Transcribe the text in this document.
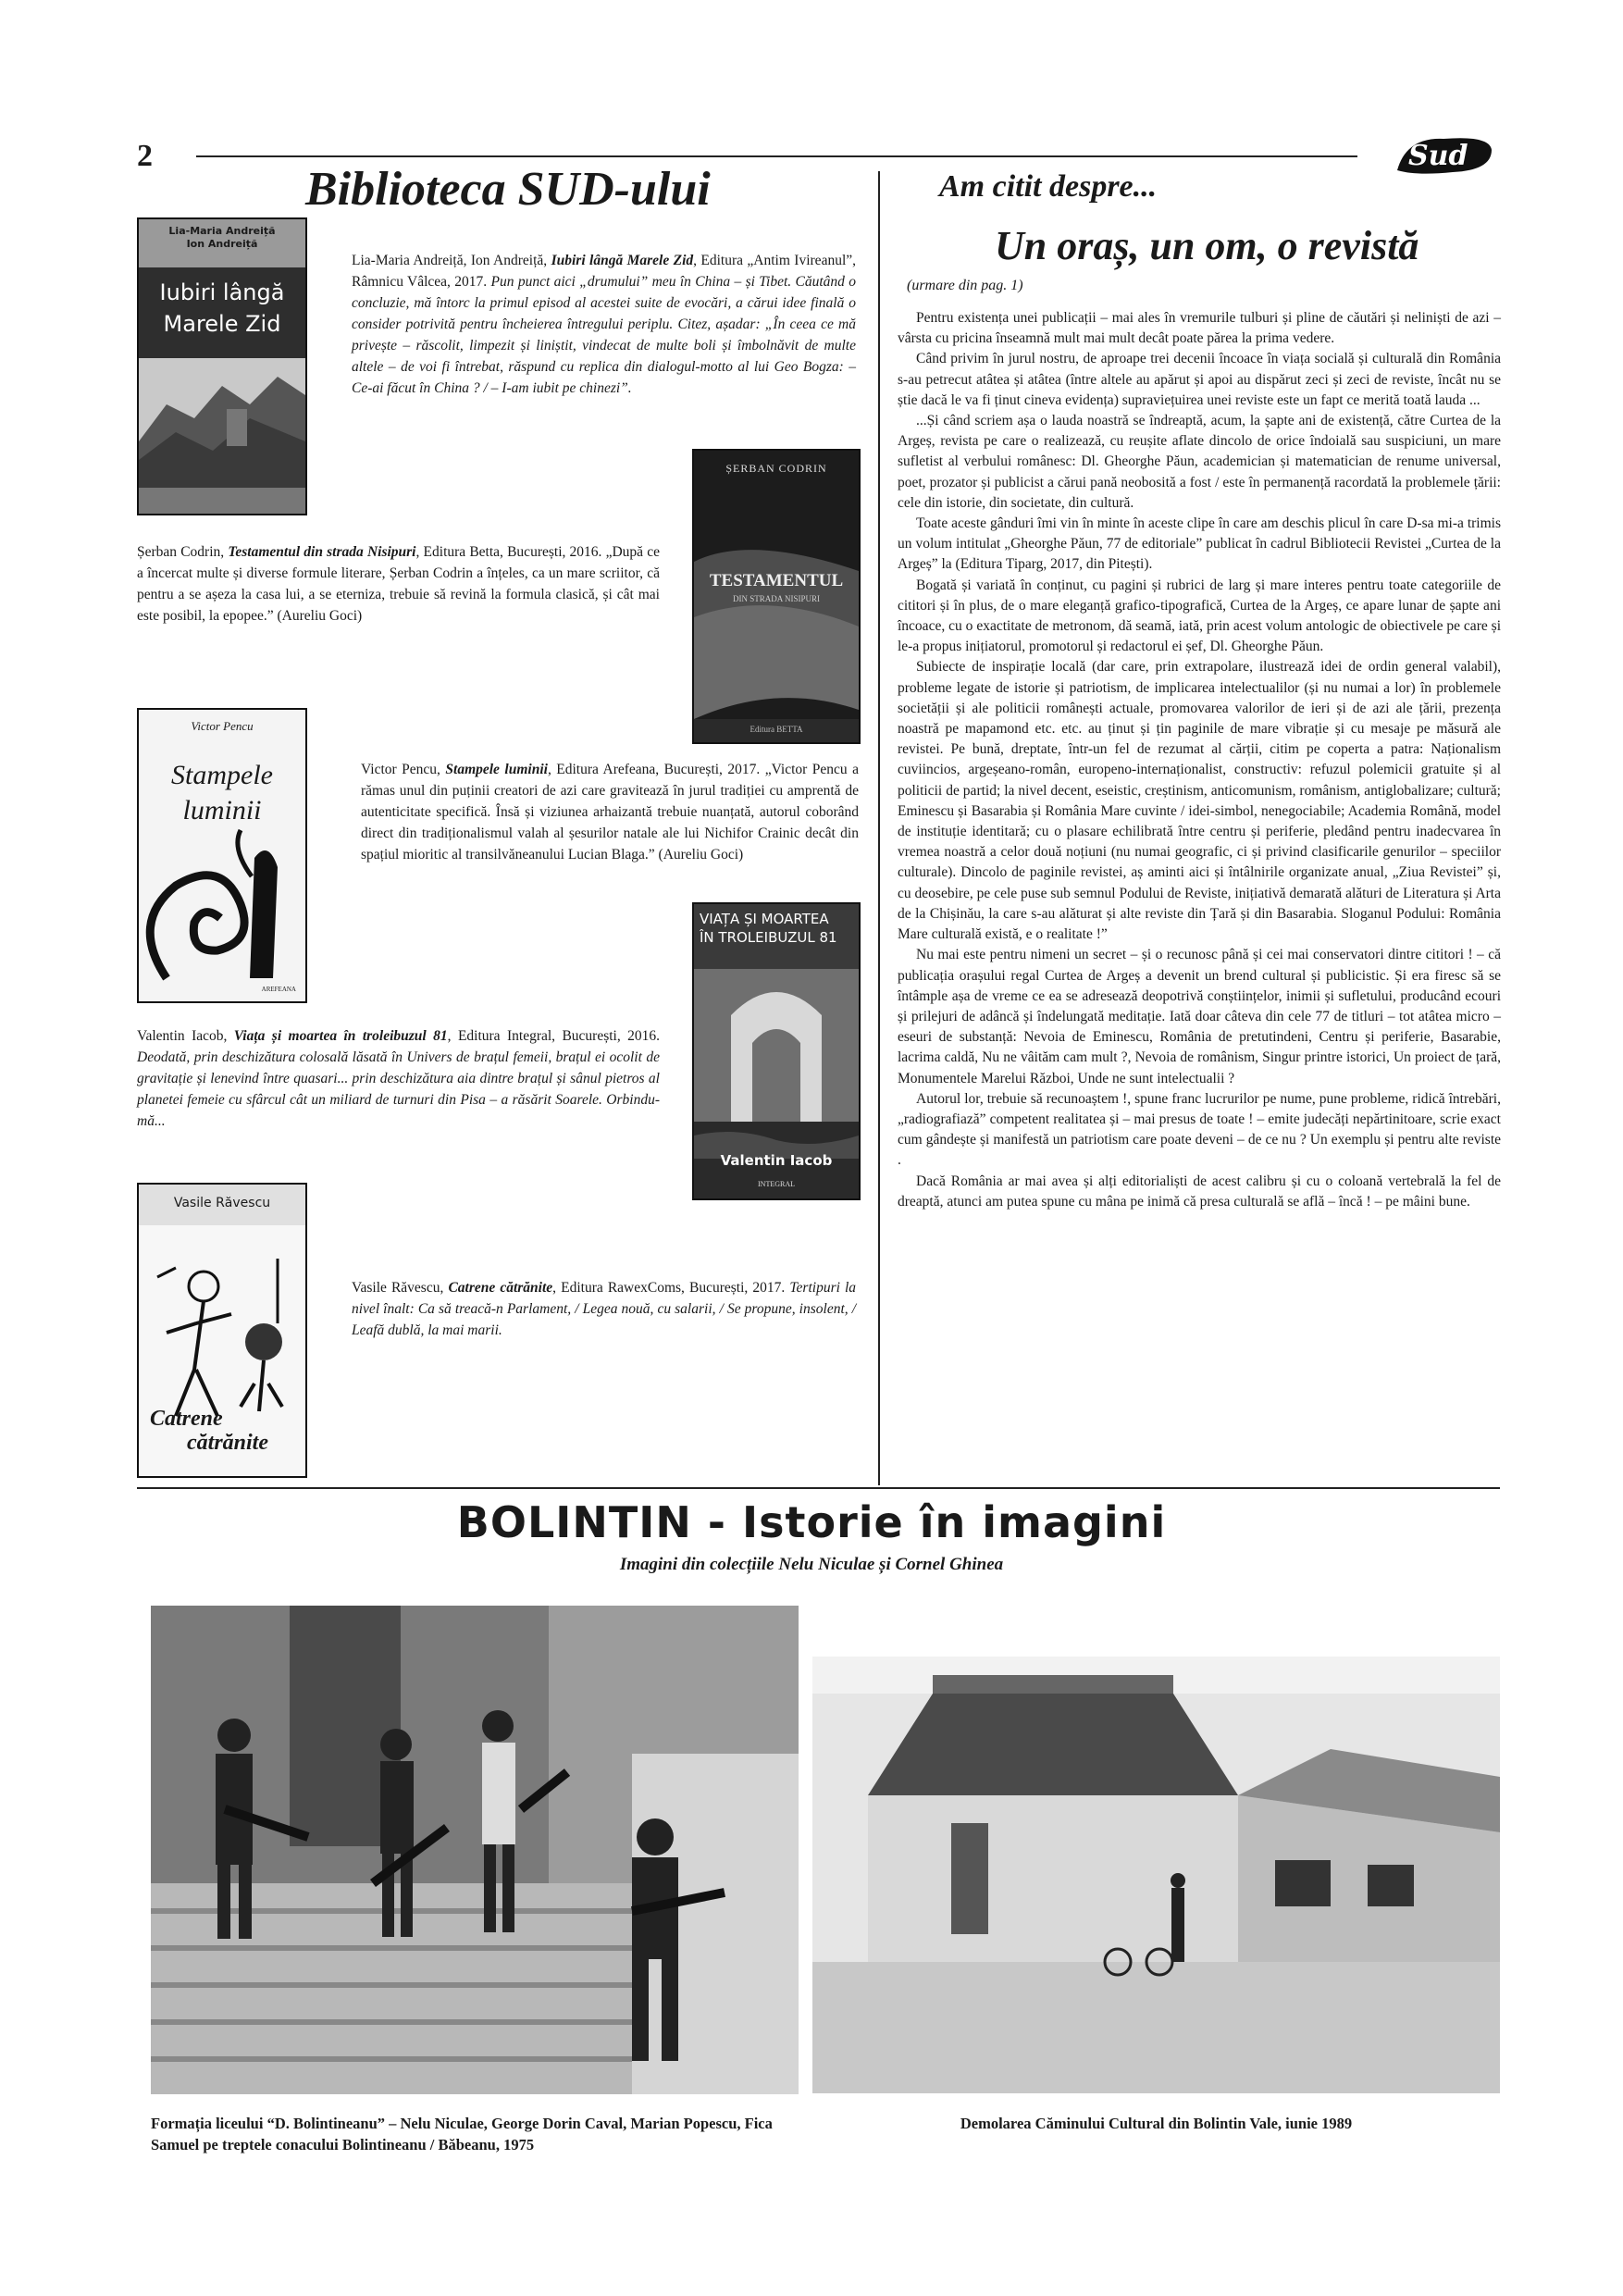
2	Sud
Biblioteca SUD-ului
Lia-Maria Andreiță
Ion Andreiță
Iubiri lângă
Marele Zid
Lia-Maria Andreiță, Ion Andreiță, Iubiri lângă Marele Zid, Editura „Antim Ivireanul”, Râmnicu Vâlcea, 2017. Pun punct aici „drumului” meu în China – și Tibet. Căutând o concluzie, mă întorc la primul episod al acestei suite de evocări, a cărui idee finală o consider potrivită pentru încheierea întregului periplu. Citez, așadar: „În ceea ce mă privește – răscolit, limpezit și liniștit, vindecat de multe boli și îmbolnăvit de multe altele – de voi fi întrebat, răspund cu replica din dialogul-motto al lui Geo Bogza: – Ce-ai făcut în China ? / – I-am iubit pe chinezi”.
ȘERBAN CODRIN
TESTAMENTUL
DIN STRADA NISIPURI
Editura BETTA
Șerban Codrin, Testamentul din strada Nisipuri, Editura Betta, București, 2016. „După ce a încercat multe și diverse formule literare, Șerban Codrin a înțeles, ca un mare scriitor, că pentru a se așeza la casa lui, a se eterniza, trebuie să revină la formula clasică, și cât mai este posibil, la epopee.” (Aureliu Goci)
Victor Pencu
Stampele
luminii
AREFEANA
Victor Pencu, Stampele luminii, Editura Arefeana, București, 2017. „Victor Pencu a rămas unul din puținii creatori de azi care gravitează în jurul tradiției cu amprentă de autenticitate specifică. Însă și viziunea arhaizantă trebuie nuanțată, autorul coborând direct din tradiționalismul valah al șesurilor natale ale lui Nichifor Crainic decât din spațiul mioritic al transilvăneanului Lucian Blaga.” (Aureliu Goci)
VIAȚA ȘI MOARTEA
ÎN TROLEIBUZUL 81
Valentin Iacob
INTEGRAL
Valentin Iacob, Viața și moartea în troleibuzul 81, Editura Integral, București, 2016. Deodată, prin deschizătura colosală lăsată în Univers de brațul femeii, brațul ei ocolit de gravitație și lenevind între quasari... prin deschizătura aia dintre brațul și sânul pietros al planetei femeie cu sfârcul cât un miliard de turnuri din Pisa – a răsărit Soarele. Orbindu-mă...
Vasile Răvescu
Catrene
cătrănite
Vasile Răvescu, Catrene cătrănite, Editura RawexComs, București, 2017. Tertipuri la nivel înalt: Ca să treacă-n Parlament, / Legea nouă, cu salarii, / Se propune, insolent, / Leafă dublă, la mai marii.
Am citit despre...
Un oraș, un om, o revistă
(urmare din pag. 1)

Pentru existența unei publicații – mai ales în vremurile tulburi și pline de căutări și neliniști de azi – vârsta cu pricina înseamnă mult mai mult decât poate părea la prima vedere.

Când privim în jurul nostru, de aproape trei decenii încoace în viața socială și culturală din România s-au petrecut atâtea și atâtea (între altele au apărut și apoi au dispărut zeci și zeci de reviste, încât nu se știe dacă le va fi ținut cineva evidența) supraviețuirea unei reviste este un fapt ce merită toată lauda ...

...Și când scriem așa o lauda noastră se îndreaptă, acum, la șapte ani de existență, către Curtea de la Argeș, revista pe care o realizează, cu reușite aflate dincolo de orice îndoială sau suspiciuni, un mare sufletist al verbului românesc: Dl. Gheorghe Păun, academician și matematician de renume universal, poet, prozator și publicist a cărui pană neobosită a fost / este în permanență racordată la problemele țării: cele din istorie, din societate, din cultură.

Toate aceste gânduri îmi vin în minte în aceste clipe în care am deschis plicul în care D-sa mi-a trimis un volum intitulat „Gheorghe Păun, 77 de editoriale” publicat în cadrul Bibliotecii Revistei „Curtea de la Argeș” la (Editura Tiparg, 2017, din Pitești).

Bogată și variată în conținut, cu pagini și rubrici de larg și mare interes pentru toate categoriile de cititori și în plus, de o mare eleganță grafico-tipografică, Curtea de la Argeș, ce apare lunar de șapte ani încoace, cu o exactitate de metronom, dă seamă, iată, prin acest volum antologic de obiectivele pe care și le-a propus inițiatorul, promotorul și redactorul ei șef, Dl. Gheorghe Păun.

Subiecte de inspirație locală (dar care, prin extrapolare, ilustrează idei de ordin general valabil), probleme legate de istorie și patriotism, de implicarea intelectualilor (și nu numai a lor) în problemele societății și ale politicii românești actuale, promovarea valorilor de ieri și de azi ale țării, prezența noastră pe mapamond etc. etc. au ținut și țin paginile de mare vibrație și cu mesaje pe măsură ale revistei. Pe bună, dreptate, într-un fel de rezumat al cărții, citim pe coperta a patra: Naționalism cuviincios, argeșeano-român, europeno-internaționalist, constructiv: refuzul polemicii gratuite și al politicii de partid; la nivel decent, eseistic, creștinism, anticomunism, românism, antiglobalizare; cultură; Eminescu și Basarabia și România Mare cuvinte / idei-simbol, nenegociabile; Academia Română, model de instituție identitară; cu o plasare echilibrată între centru și periferie, pledând pentru inadecvarea în vremea noastră a celor două noțiuni (nu numai geografic, ci și privind clasificarile genurilor – speciilor culturale). Dincolo de paginile revistei, aș aminti aici și întâlnirile organizate anual, „Ziua Revistei” și, cu deosebire, pe cele puse sub semnul Podului de Reviste, inițiativă demarată alături de Literatura și Arta de la Chișinău, la care s-au alăturat și alte reviste din Țară și din Basarabia. Sloganul Podului: România Mare culturală există, e o realitate !”

Nu mai este pentru nimeni un secret – și o recunosc până și cei mai conservatori dintre cititori ! – că publicația orașului regal Curtea de Argeș a devenit un brend cultural și publicistic. Și era firesc să se întâmple așa de vreme ce ea se adresează deopotrivă conștiințelor, inimii și sufletului, producând ecouri și prilejuri de adâncă și îndelungată meditație. Iată doar câteva din cele 77 de titluri – tot atâtea micro – eseuri de substanță: Nevoia de Eminescu, România de pretutindeni, Centru și periferie, Basarabie, lacrima caldă, Nu ne vâităm cam mult ?, Nevoia de românism, Singur printre istorici, Un proiect de țară, Monumentele Marelui Război, Unde ne sunt intelectualii ?

Autorul lor, trebuie să recunoaștem !, spune franc lucrurilor pe nume, pune probleme, ridică întrebări, „radiografiază” competent realitatea și – mai presus de toate ! – emite judecăți nepărtinitoare, scrie exact cum gândește și manifestă un patriotism care poate deveni – de ce nu ? Un exemplu și pentru alte reviste .

Dacă România ar mai avea și alți editorialiști de acest calibru și cu o coloană vertebrală la fel de dreaptă, atunci am putea spune cu mâna pe inimă că presa culturală se află – încă ! – pe mâini bune.

BOLINTIN - Istorie în imagini
Imagini din colecțiile Nelu Niculae și Cornel Ghinea
Formația liceului “D. Bolintineanu” – Nelu Niculae, George Dorin Caval, Marian Popescu, Fica Samuel pe treptele conacului Bolintineanu / Băbeanu, 1975
Demolarea Căminului Cultural din Bolintin Vale, iunie 1989
